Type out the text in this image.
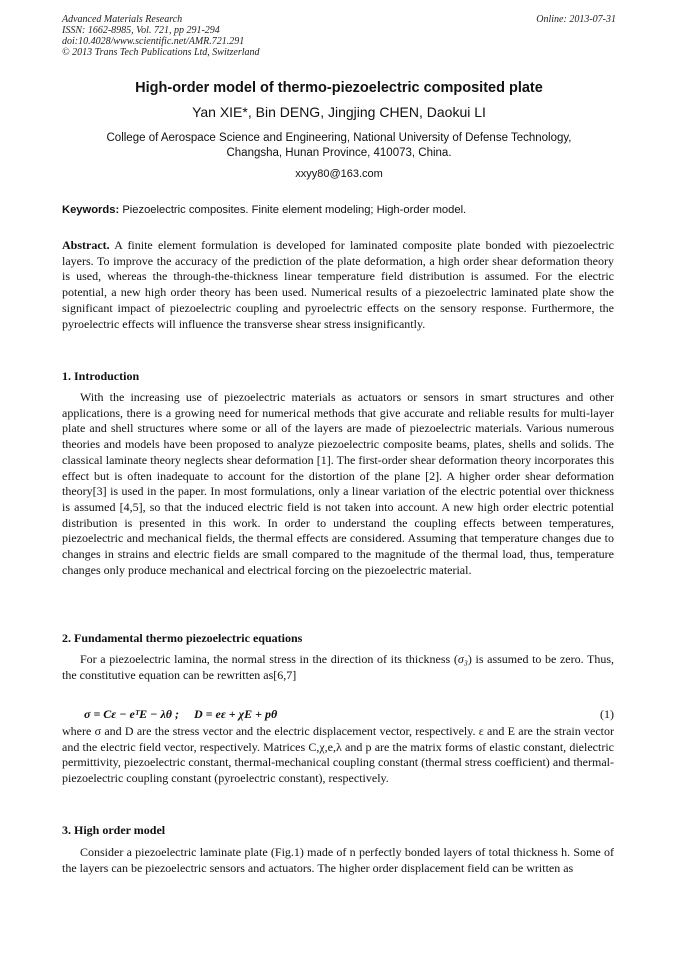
Advanced Materials Research
ISSN: 1662-8985, Vol. 721, pp 291-294
doi:10.4028/www.scientific.net/AMR.721.291
© 2013 Trans Tech Publications Ltd, Switzerland
Online: 2013-07-31
High-order model of thermo-piezoelectric composited plate
Yan XIE*, Bin DENG, Jingjing CHEN, Daokui LI
College of Aerospace Science and Engineering, National University of Defense Technology,
Changsha, Hunan Province, 410073, China.
xxyy80@163.com
Keywords: Piezoelectric composites. Finite element modeling; High-order model.
Abstract. A finite element formulation is developed for laminated composite plate bonded with piezoelectric layers. To improve the accuracy of the prediction of the plate deformation, a high order shear deformation theory is used, whereas the through-the-thickness linear temperature field distribution is assumed. For the electric potential, a new high order theory has been used. Numerical results of a piezoelectric laminated plate show the significant impact of piezoelectric coupling and pyroelectric effects on the sensory response. Furthermore, the pyroelectric effects will influence the transverse shear stress insignificantly.
1. Introduction
With the increasing use of piezoelectric materials as actuators or sensors in smart structures and other applications, there is a growing need for numerical methods that give accurate and reliable results for multi-layer plate and shell structures where some or all of the layers are made of piezoelectric materials. Various numerous theories and models have been proposed to analyze piezoelectric composite beams, plates, shells and solids. The classical laminate theory neglects shear deformation [1]. The first-order shear deformation theory incorporates this effect but is often inadequate to account for the distortion of the plane [2]. A higher order shear deformation theory[3] is used in the paper. In most formulations, only a linear variation of the electric potential over thickness is assumed [4,5], so that the induced electric field is not taken into account. A new high order electric potential distribution is presented in this work. In order to understand the coupling effects between temperatures, piezoelectric and mechanical fields, the thermal effects are considered. Assuming that temperature changes due to changes in strains and electric fields are small compared to the magnitude of the thermal load, thus, temperature changes only produce mechanical and electrical forcing on the piezoelectric material.
2. Fundamental thermo piezoelectric equations
For a piezoelectric lamina, the normal stress in the direction of its thickness (σ₃) is assumed to be zero. Thus, the constitutive equation can be rewritten as[6,7]
σ = Cε − eᵀE − λθ ; D = eε + χE + pθ	(1)
where σ and D are the stress vector and the electric displacement vector, respectively. ε and E are the strain vector and the electric field vector, respectively. Matrices C,χ,e,λ and p are the matrix forms of elastic constant, dielectric permittivity, piezoelectric constant, thermal-mechanical coupling constant (thermal stress coefficient) and thermal-piezoelectric coupling constant (pyroelectric constant), respectively.
3. High order model
Consider a piezoelectric laminate plate (Fig.1) made of n perfectly bonded layers of total thickness h. Some of the layers can be piezoelectric sensors and actuators. The higher order displacement field can be written as
